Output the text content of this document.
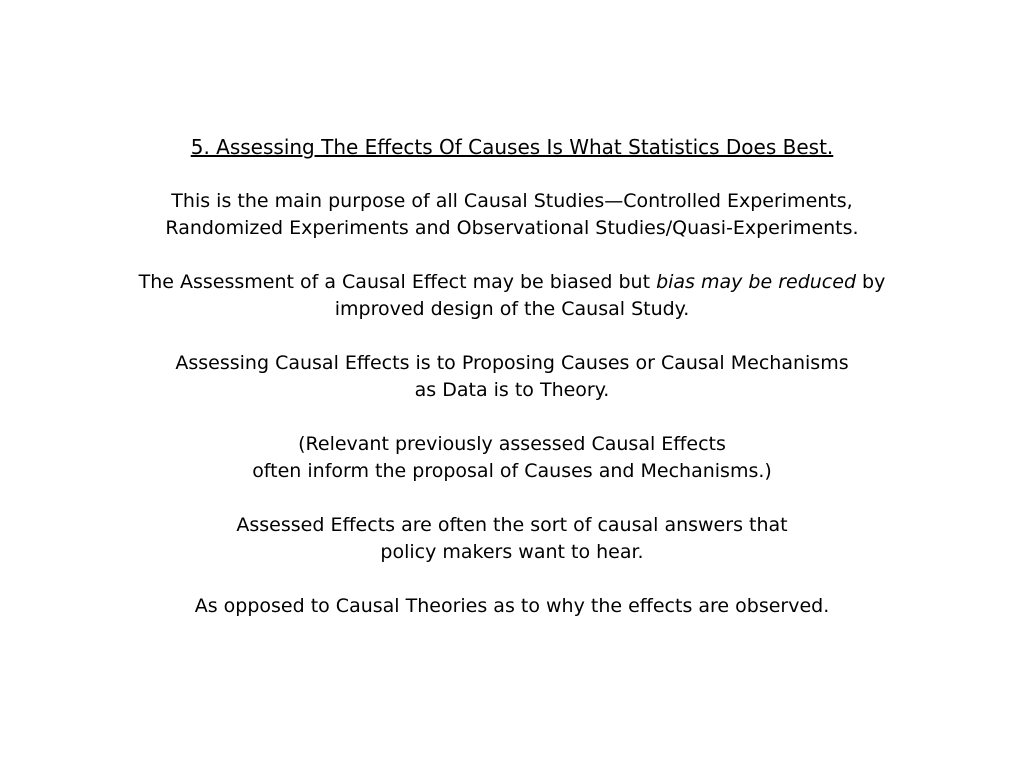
5. Assessing The Effects Of Causes Is What Statistics Does Best.

This is the main purpose of all Causal Studies—Controlled Experiments,
Randomized Experiments and Observational Studies/Quasi-Experiments.

The Assessment of a Causal Effect may be biased but bias may be reduced by
improved design of the Causal Study.

Assessing Causal Effects is to Proposing Causes or Causal Mechanisms
as Data is to Theory.

(Relevant previously assessed Causal Effects
often inform the proposal of Causes and Mechanisms.)

Assessed Effects are often the sort of causal answers that
policy makers want to hear.

As opposed to Causal Theories as to why the effects are observed.
